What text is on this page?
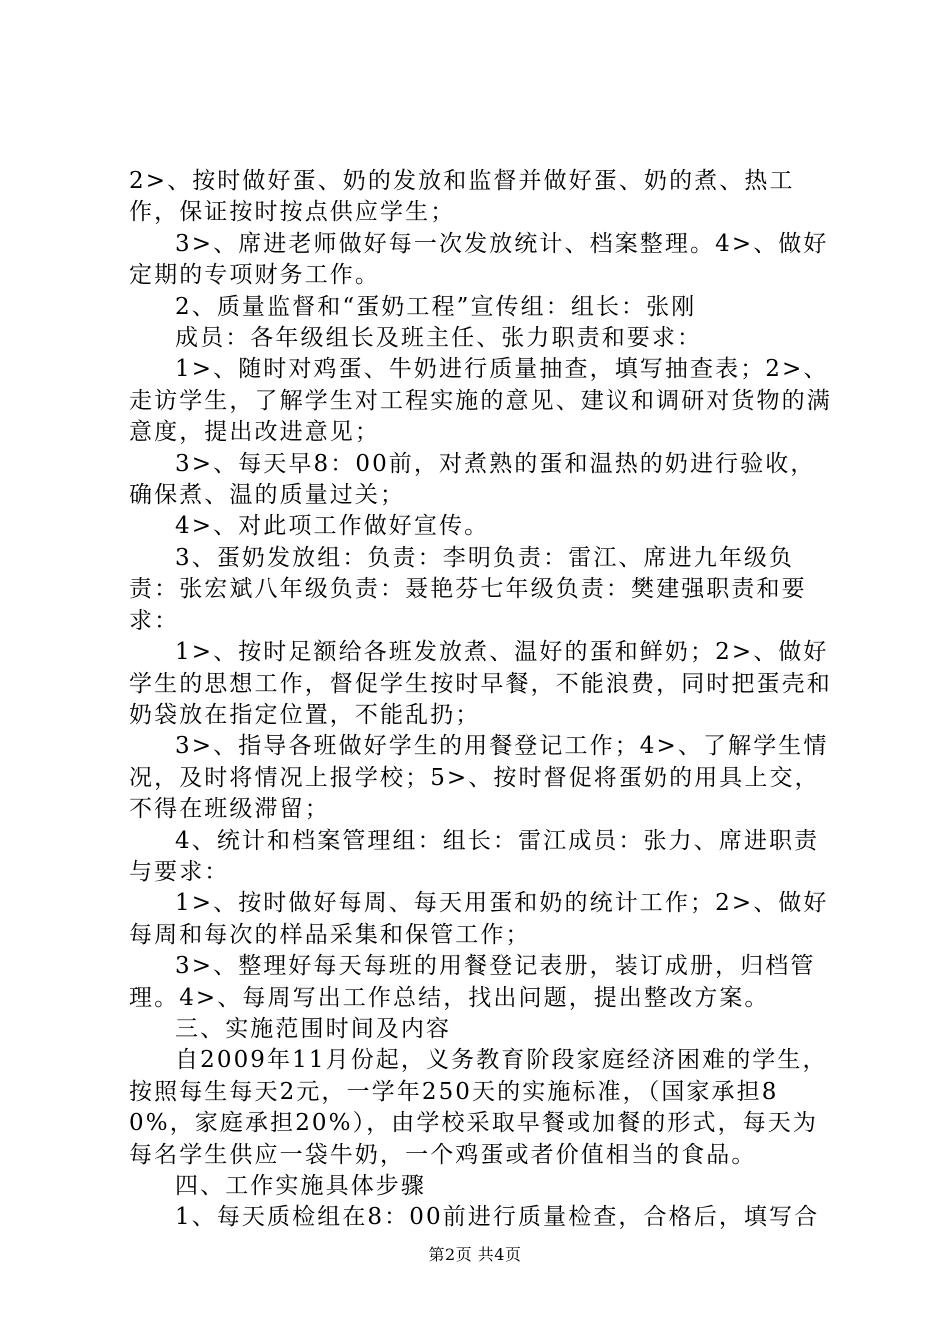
2>、按时做好蛋、奶的发放和监督并做好蛋、奶的煮、热工作，保证按时按点供应学生；

3>、席进老师做好每一次发放统计、档案整理。4>、做好定期的专项财务工作。

2、质量监督和“蛋奶工程”宣传组：组长：张刚

成员：各年级组长及班主任、张力职责和要求：

1>、随时对鸡蛋、牛奶进行质量抽查，填写抽查表；2>、走访学生，了解学生对工程实施的意见、建议和调研对货物的满意度，提出改进意见；

3>、每天早8：00前，对煮熟的蛋和温热的奶进行验收，确保煮、温的质量过关；

4>、对此项工作做好宣传。

3、蛋奶发放组：负责：李明负责：雷江、席进九年级负责：张宏斌八年级负责：聂艳芬七年级负责：樊建强职责和要求：

1>、按时足额给各班发放煮、温好的蛋和鲜奶；2>、做好学生的思想工作，督促学生按时早餐，不能浪费，同时把蛋壳和奶袋放在指定位置，不能乱扔；

3>、指导各班做好学生的用餐登记工作；4>、了解学生情况，及时将情况上报学校；5>、按时督促将蛋奶的用具上交，不得在班级滞留；

4、统计和档案管理组：组长：雷江成员：张力、席进职责与要求：

1>、按时做好每周、每天用蛋和奶的统计工作；2>、做好每周和每次的样品采集和保管工作；

3>、整理好每天每班的用餐登记表册，装订成册，归档管理。4>、每周写出工作总结，找出问题，提出整改方案。

三、实施范围时间及内容

自2009年11月份起，义务教育阶段家庭经济困难的学生，按照每生每天2元，一学年250天的实施标准，（国家承担80%，家庭承担20%），由学校采取早餐或加餐的形式，每天为每名学生供应一袋牛奶，一个鸡蛋或者价值相当的食品。

四、工作实施具体步骤

1、每天质检组在8：00前进行质量检查，合格后，填写合

第2页 共4页
